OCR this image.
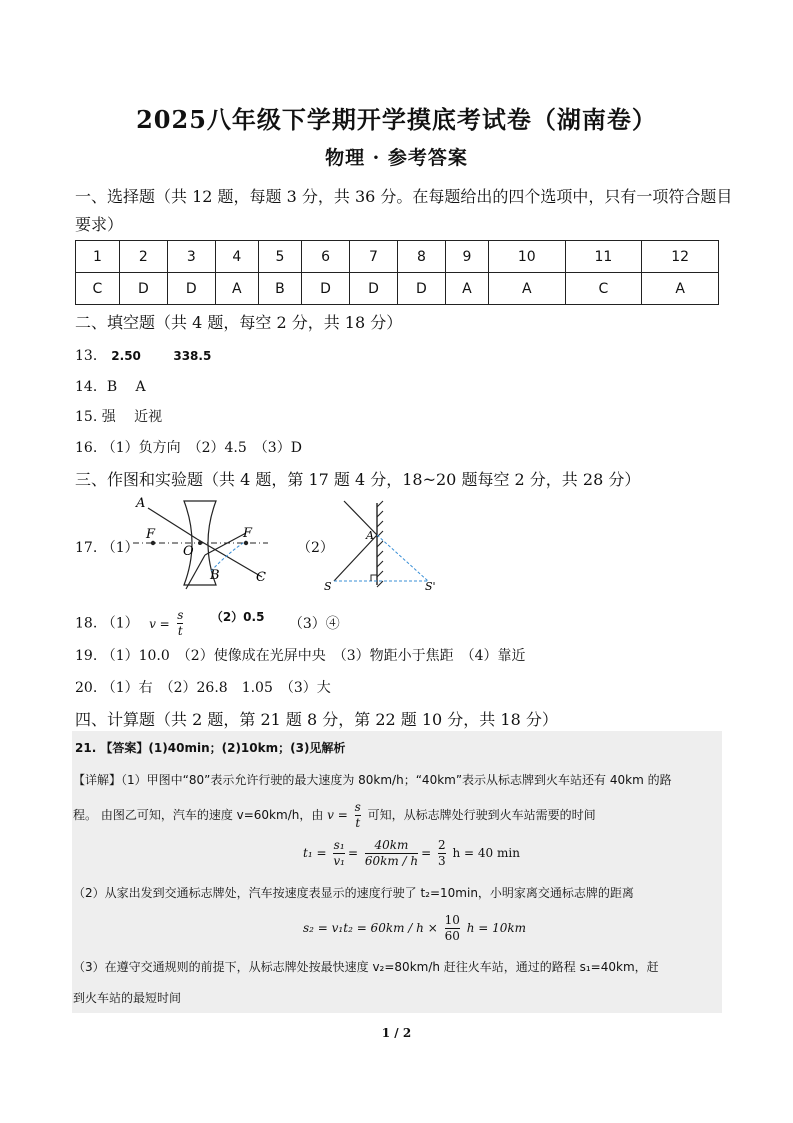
2025八年级下学期开学摸底考试卷（湖南卷）
物理 · 参考答案
一、选择题（共 12 题，每题 3 分，共 36 分。在每题给出的四个选项中，只有一项符合题目
要求）
1	2	3	4	5	6	7	8	9	10	11	12
C	D	D	A	B	D	D	D	A	A	C	A
二、填空题（共 4 题，每空 2 分，共 18 分）
13． 2.50	338.5
14．B　 A
15. 强　 近视
16. （1）负方向　（2）4.5　（3）D
三、作图和实验题（共 4 题，第 17 题 4 分，18~20 题每空 2 分，共 28 分）
17. （1）
A
F
O
F
B	C
（2）
A
S	S'
18. （1） $v = \frac{s}{t} (2)0.5$ （3）④
19. （1）10.0　（2）使像成在光屏中央　（3）物距小于焦距　（4）靠近
20. （1）右　（2）26.8　1.05　（3）大
四、计算题（共 2 题，第 21 题 8 分，第 22 题 10 分，共 18 分）
21. 【答案】(1)40min；(2)10km；(3)见解析
【详解】（1）甲图中“80”表示允许行驶的最大速度为 80km/h；“40km”表示从标志牌到火车站还有 40km 的路
程。 由图乙可知，汽车的速度 v=60km/h，由 $v = \frac{s}{t}$ 可知，从标志牌处行驶到火车站需要的时间
$t_1 = \frac{\text{s₁}}{\text{v₁}} = \frac{40km}{60km / h} = \frac{2}{3}$ h = 40 min
（2）从家出发到交通标志牌处，汽车按速度表显示的速度行驶了 t₂=10min，小明家离交通标志牌的距离
$s_2 = v_1t_2 = 60km / h \times \frac{10}{60}$ h = 10km
（3）在遵守交通规则的前提下，从标志牌处按最快速度 v₂=80km/h 赶往火车站，通过的路程 s₁=40km，赶
到火车站的最短时间
1 / 2
